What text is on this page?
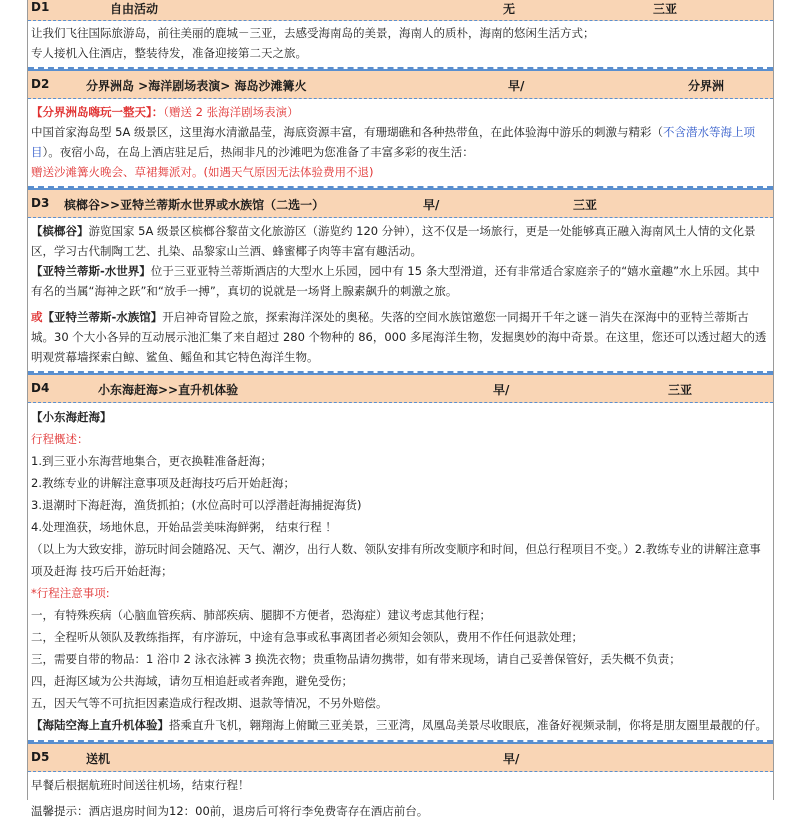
D1	自由活动	无	三亚

让我们飞往国际旅游岛，前往美丽的鹿城－三亚，去感受海南岛的美景，海南人的质朴，海南的悠闲生活方式；

专人接机入住酒店，整装待发，准备迎接第二天之旅。

D2	分界洲岛 >海洋剧场表演> 海岛沙滩篝火	早/	分界洲

【分界洲岛嗨玩一整天】：（赠送 2 张海洋剧场表演）

中国首家海岛型 5A 级景区，这里海水清澈晶莹，海底资源丰富，有珊瑚礁和各种热带鱼，在此体验海中游乐的刺激与精彩（不含潜水等海上项目）。夜宿小岛，在岛上酒店驻足后，热闹非凡的沙滩吧为您准备了丰富多彩的夜生活：

赠送沙滩篝火晚会、草裙舞派对。(如遇天气原因无法体验费用不退)

D3 槟榔谷>>亚特兰蒂斯水世界或水族馆（二选一）	早/	三亚

【槟榔谷】游览国家 5A 级景区槟榔谷黎苗文化旅游区（游览约 120 分钟），这不仅是一场旅行，更是一处能够真正融入海南风土人情的文化景区，学习古代制陶工艺、扎染、品黎家山兰酒、蜂蜜椰子肉等丰富有趣活动。

【亚特兰蒂斯-水世界】位于三亚亚特兰蒂斯酒店的大型水上乐园，园中有 15 条大型滑道，还有非常适合家庭亲子的“嬉水童趣”水上乐园。其中有名的当属“海神之跃”和“放手一搏”，真切的说就是一场肾上腺素飙升的刺激之旅。

或【亚特兰蒂斯-水族馆】开启神奇冒险之旅，探索海洋深处的奥秘。失落的空间水族馆邀您一同揭开千年之谜－消失在深海中的亚特兰蒂斯古城。30 个大小各异的互动展示池汇集了来自超过 280 个物种的 86，000 多尾海洋生物，发掘奥妙的海中奇景。在这里，您还可以透过超大的透明观赏幕墙探索白鲸、鲨鱼、鳐鱼和其它特色海洋生物。

D4	小东海赶海>>直升机体验	早/	三亚

【小东海赶海】

行程概述：

1.到三亚小东海营地集合，更衣换鞋准备赶海；

2.教练专业的讲解注意事项及赶海技巧后开始赶海；

3.退潮时下海赶海，渔货抓拍；(水位高时可以浮潜赶海捕捉海货)

4.处理渔获，场地休息，开始品尝美味海鲜粥， 结束行程 ！

（以上为大致安排，游玩时间会随路况、天气、潮汐，出行人数、领队安排有所改变顺序和时间，但总行程项目不变。）2.教练专业的讲解注意事项及赶海 技巧后开始赶海；

*行程注意事项:

一，有特殊疾病（心脑血管疾病、肺部疾病、腿脚不方便者，恐海症）建议考虑其他行程；

二，全程听从领队及教练指挥，有序游玩，中途有急事或私事离团者必须知会领队，费用不作任何退款处理；

三，需要自带的物品：1 浴巾 2 泳衣泳裤 3 换洗衣物；贵重物品请勿携带，如有带来现场，请自己妥善保管好，丢失概不负责；

四，赶海区域为公共海域，请勿互相追赶或者奔跑，避免受伤；

五，因天气等不可抗拒因素造成行程改期、退款等情况，不另外赔偿。

【海陆空海上直升机体验】搭乘直升飞机，翱翔海上俯瞰三亚美景，三亚湾，凤凰岛美景尽收眼底，准备好视频录制，你将是朋友圈里最靓的仔。

D5	送机	早/

早餐后根据航班时间送往机场，结束行程！

温馨提示：酒店退房时间为12：00前，退房后可将行李免费寄存在酒店前台。
